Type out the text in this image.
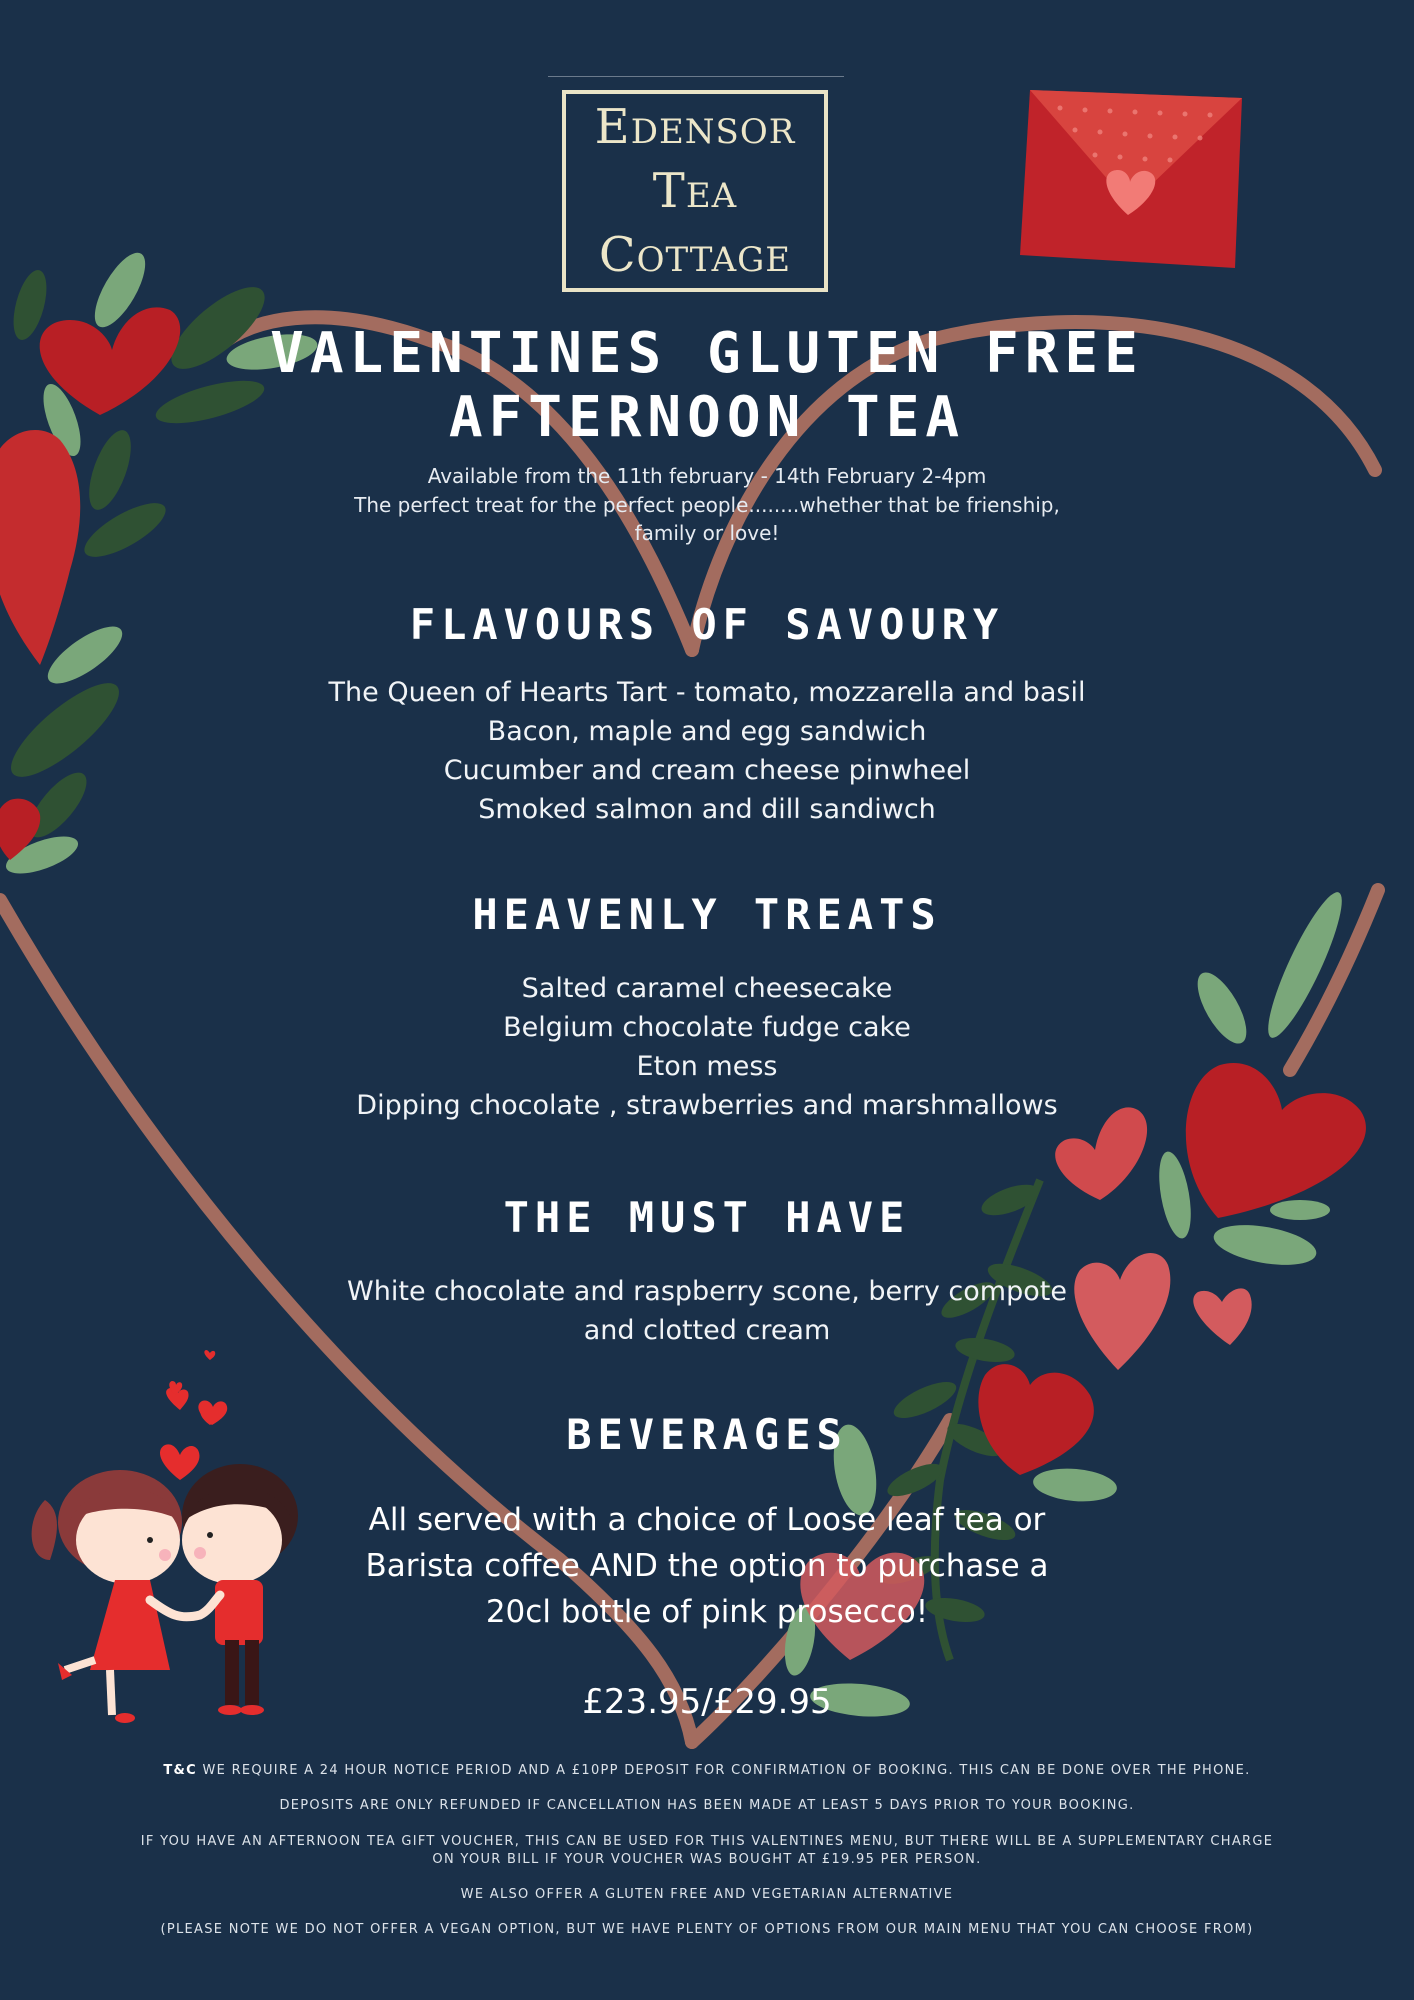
Edensor
Tea
Cottage
VALENTINES GLUTEN FREE
AFTERNOON TEA
Available from the 11th february - 14th February 2-4pm
The perfect treat for the perfect people........whether that be frienship,
family or love!
FLAVOURS OF SAVOURY
The Queen of Hearts Tart - tomato, mozzarella and basil
Bacon, maple and egg sandwich
Cucumber and cream cheese pinwheel
Smoked salmon and dill sandiwch
HEAVENLY TREATS
Salted caramel cheesecake
Belgium chocolate fudge cake
Eton mess
Dipping chocolate , strawberries and marshmallows
THE MUST HAVE
White chocolate and raspberry scone, berry compote
and clotted cream
BEVERAGES
All served with a choice of Loose leaf tea or
Barista coffee AND the option to purchase a
20cl bottle of pink prosecco!
£23.95/£29.95
T&C WE REQUIRE A 24 HOUR NOTICE PERIOD AND A £10PP DEPOSIT FOR CONFIRMATION OF BOOKING. THIS CAN BE DONE OVER THE PHONE.
DEPOSITS ARE ONLY REFUNDED IF CANCELLATION HAS BEEN MADE AT LEAST 5 DAYS PRIOR TO YOUR BOOKING.
IF YOU HAVE AN AFTERNOON TEA GIFT VOUCHER, THIS CAN BE USED FOR THIS VALENTINES MENU, BUT THERE WILL BE A SUPPLEMENTARY CHARGE
ON YOUR BILL IF YOUR VOUCHER WAS BOUGHT AT £19.95 PER PERSON.
WE ALSO OFFER A GLUTEN FREE AND VEGETARIAN ALTERNATIVE
(PLEASE NOTE WE DO NOT OFFER A VEGAN OPTION, BUT WE HAVE PLENTY OF OPTIONS FROM OUR MAIN MENU THAT YOU CAN CHOOSE FROM)
